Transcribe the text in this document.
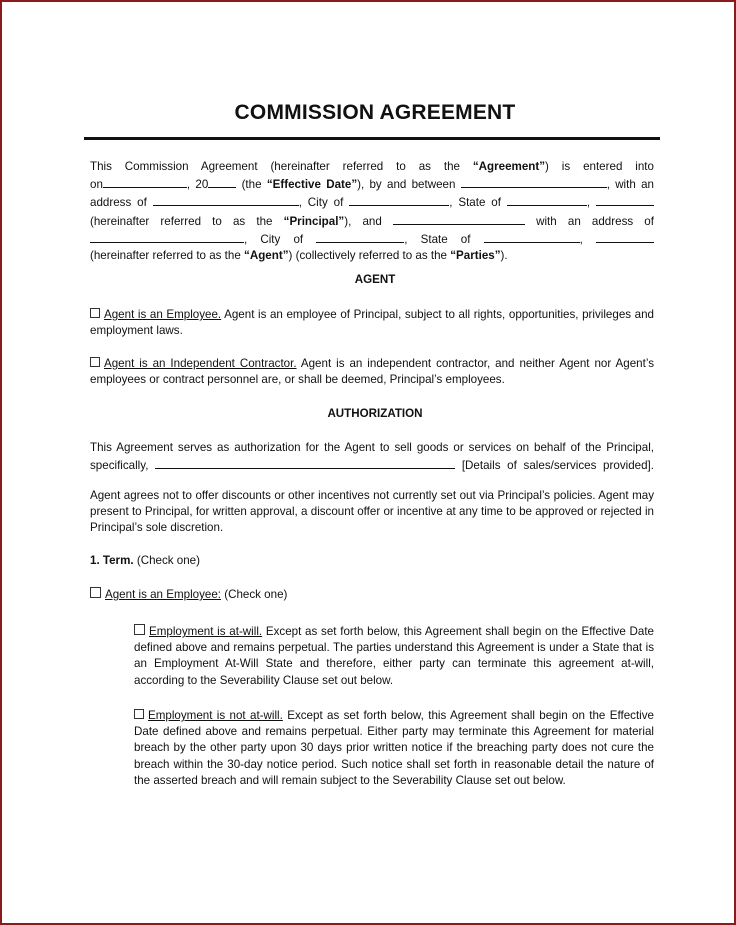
COMMISSION AGREEMENT
This Commission Agreement (hereinafter referred to as the “Agreement”) is entered into
on	, 20	(the “Effective Date”), by and between	, with an
address of	, City of	, State of	,
(hereinafter referred to as the “Principal”), and	with an address of
, City of	, State of	,
(hereinafter referred to as the “Agent”) (collectively referred to as the “Parties”).
AGENT
Agent is an Employee. Agent is an employee of Principal, subject to all rights, opportunities, privileges and employment laws.
Agent is an Independent Contractor. Agent is an independent contractor, and neither Agent nor Agent’s employees or contract personnel are, or shall be deemed, Principal’s employees.
AUTHORIZATION
This Agreement serves as authorization for the Agent to sell goods or services on behalf of the Principal,
specifically,	[Details of sales/services provided].
Agent agrees not to offer discounts or other incentives not currently set out via Principal’s policies. Agent may present to Principal, for written approval, a discount offer or incentive at any time to be approved or rejected in Principal’s sole discretion.
1. Term. (Check one)
Agent is an Employee: (Check one)
Employment is at-will. Except as set forth below, this Agreement shall begin on the Effective Date defined above and remains perpetual. The parties understand this Agreement is under a State that is an Employment At-Will State and therefore, either party can terminate this agreement at-will, according to the Severability Clause set out below.
Employment is not at-will. Except as set forth below, this Agreement shall begin on the Effective Date defined above and remains perpetual. Either party may terminate this Agreement for material breach by the other party upon 30 days prior written notice if the breaching party does not cure the breach within the 30-day notice period. Such notice shall set forth in reasonable detail the nature of the asserted breach and will remain subject to the Severability Clause set out below.
